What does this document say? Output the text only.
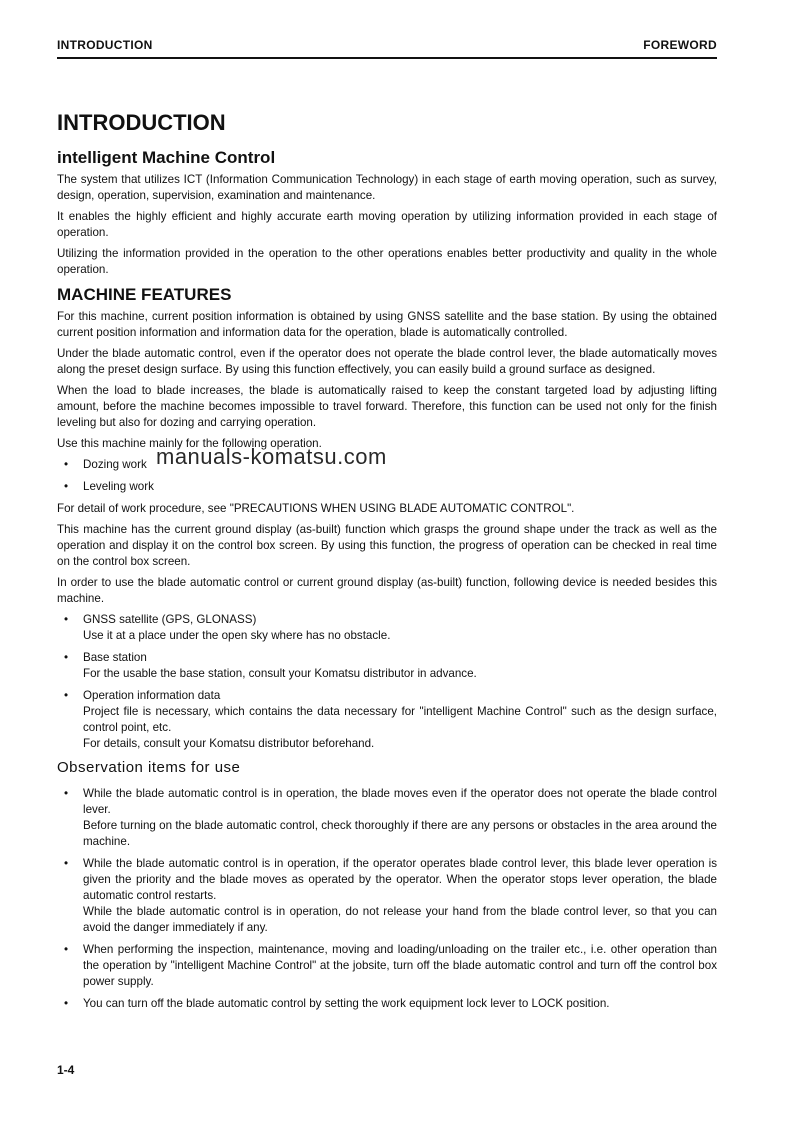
INTRODUCTION	FOREWORD
INTRODUCTION
intelligent Machine Control

The system that utilizes ICT (Information Communication Technology) in each stage of earth moving operation, such as survey, design, operation, supervision, examination and maintenance.

It enables the highly efficient and highly accurate earth moving operation by utilizing information provided in each stage of operation.

Utilizing the information provided in the operation to the other operations enables better productivity and quality in the whole operation.

MACHINE FEATURES

For this machine, current position information is obtained by using GNSS satellite and the base station. By using the obtained current position information and information data for the operation, blade is automatically controlled.

Under the blade automatic control, even if the operator does not operate the blade control lever, the blade automatically moves along the preset design surface. By using this function effectively, you can easily build a ground surface as designed.

When the load to blade increases, the blade is automatically raised to keep the constant targeted load by adjusting lifting amount, before the machine becomes impossible to travel forward. Therefore, this function can be used not only for the finish leveling but also for dozing and carrying operation.

Use this machine mainly for the following operation.

• Dozing work
• Leveling work

For detail of work procedure, see "PRECAUTIONS WHEN USING BLADE AUTOMATIC CONTROL".

This machine has the current ground display (as-built) function which grasps the ground shape under the track as well as the operation and display it on the control box screen. By using this function, the progress of operation can be checked in real time on the control box screen.

In order to use the blade automatic control or current ground display (as-built) function, following device is needed besides this machine.

• GNSS satellite (GPS, GLONASS)
Use it at a place under the open sky where has no obstacle.
• Base station
For the usable the base station, consult your Komatsu distributor in advance.
• Operation information data
Project file is necessary, which contains the data necessary for "intelligent Machine Control" such as the design surface, control point, etc.
For details, consult your Komatsu distributor beforehand.
Observation items for use
• While the blade automatic control is in operation, the blade moves even if the operator does not operate the blade control lever.
Before turning on the blade automatic control, check thoroughly if there are any persons or obstacles in the area around the machine.
• While the blade automatic control is in operation, if the operator operates blade control lever, this blade lever operation is given the priority and the blade moves as operated by the operator. When the operator stops lever operation, the blade automatic control restarts.
While the blade automatic control is in operation, do not release your hand from the blade control lever, so that you can avoid the danger immediately if any.
• When performing the inspection, maintenance, moving and loading/unloading on the trailer etc., i.e. other operation than the operation by "intelligent Machine Control" at the jobsite, turn off the blade automatic control and turn off the control box power supply.
• You can turn off the blade automatic control by setting the work equipment lock lever to LOCK position.
manuals-komatsu.com
1-4
